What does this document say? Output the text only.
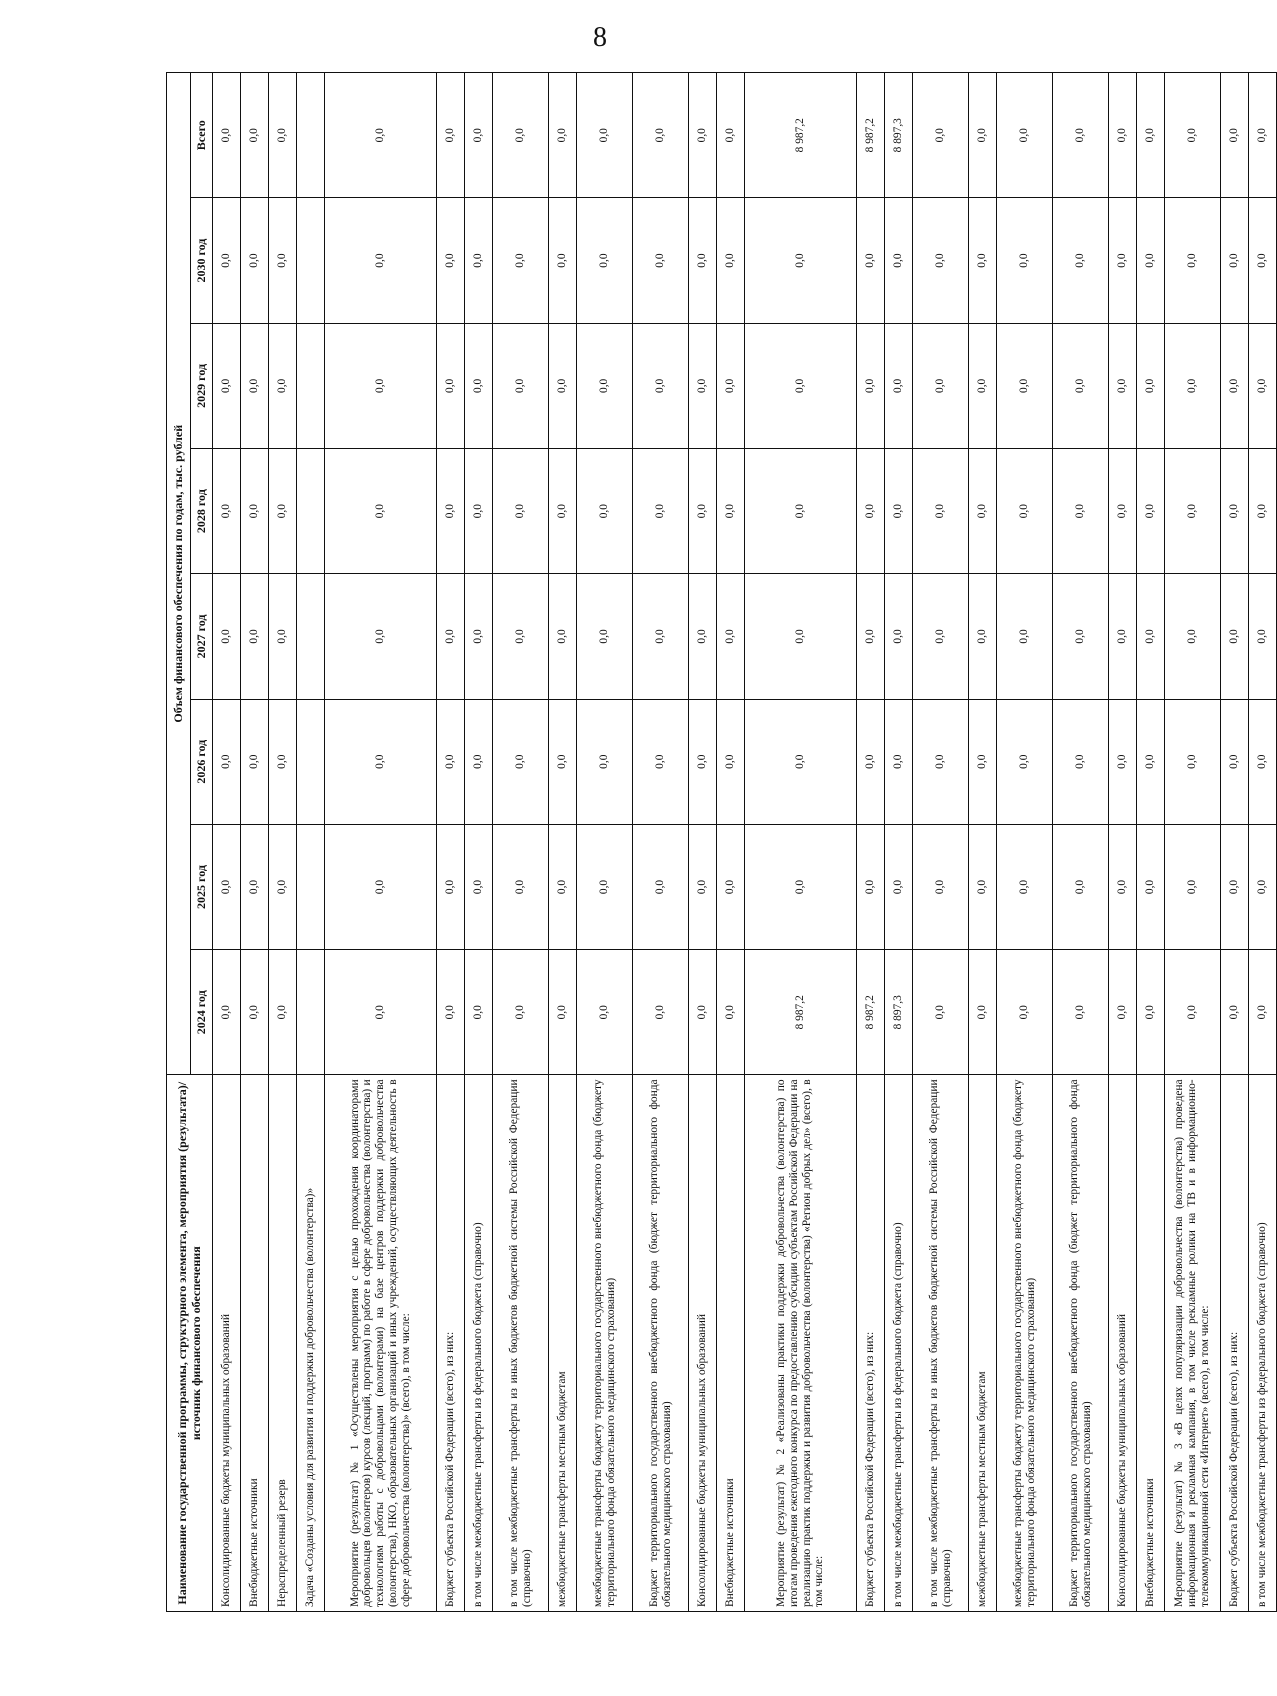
8
Наименование государственной программы, структурного элемента, мероприятия (результата)/источник финансового обеспечения	Объем финансового обеспечения по годам, тыс. рублей							
	2024 год	2025 год	2026 год	2027 год	2028 год	2029 год	2030 год	Всего
Консолидированные бюджеты муниципальных образований	0,0	0,0	0,0	0,0	0,0	0,0	0,0	0,0
Внебюджетные источники	0,0	0,0	0,0	0,0	0,0	0,0	0,0	0,0
Нераспределенный резерв	0,0	0,0	0,0	0,0	0,0	0,0	0,0	0,0
Задача «Созданы условия для развития и поддержки добровольчества (волонтерства)»								
Мероприятие (результат) № 1 «Осуществлены мероприятия с целью прохождения координаторами добровольцев (волонтеров) курсов (лекций, программ) по работе в сфере добровольчества (волонтерства) и технологиям работы с добровольцами (волонтерами) на базе центров поддержки добровольчества (волонтерства), НКО, образовательных организаций и иных учреждений, осуществляющих деятельность в сфере добровольчества (волонтерства)» (всего), в том числе:	0,0	0,0	0,0	0,0	0,0	0,0	0,0	0,0
Бюджет субъекта Российской Федерации (всего), из них:	0,0	0,0	0,0	0,0	0,0	0,0	0,0	0,0
в том числе межбюджетные трансферты из федерального бюджета (справочно)	0,0	0,0	0,0	0,0	0,0	0,0	0,0	0,0
в том числе межбюджетные трансферты из иных бюджетов бюджетной системы Российской Федерации (справочно)	0,0	0,0	0,0	0,0	0,0	0,0	0,0	0,0
межбюджетные трансферты местным бюджетам	0,0	0,0	0,0	0,0	0,0	0,0	0,0	0,0
межбюджетные трансферты бюджету территориального государственного внебюджетного фонда (бюджету территориального фонда обязательного медицинского страхования)	0,0	0,0	0,0	0,0	0,0	0,0	0,0	0,0
Бюджет территориального государственного внебюджетного фонда (бюджет территориального фонда обязательного медицинского страхования)	0,0	0,0	0,0	0,0	0,0	0,0	0,0	0,0
Консолидированные бюджеты муниципальных образований	0,0	0,0	0,0	0,0	0,0	0,0	0,0	0,0
Внебюджетные источники	0,0	0,0	0,0	0,0	0,0	0,0	0,0	0,0
Мероприятие (результат) № 2 «Реализованы практики поддержки добровольчества (волонтерства) по итогам проведения ежегодного конкурса по предоставлению субсидии субъектам Российской Федерации на реализацию практик поддержки и развития добровольчества (волонтерства) «Регион добрых дел» (всего), в том числе:	8 987,2	0,0	0,0	0,0	0,0	0,0	0,0	8 987,2
Бюджет субъекта Российской Федерации (всего), из них:	8 987,2	0,0	0,0	0,0	0,0	0,0	0,0	8 987,2
в том числе межбюджетные трансферты из федерального бюджета (справочно)	8 897,3	0,0	0,0	0,0	0,0	0,0	0,0	8 897,3
в том числе межбюджетные трансферты из иных бюджетов бюджетной системы Российской Федерации (справочно)	0,0	0,0	0,0	0,0	0,0	0,0	0,0	0,0
межбюджетные трансферты местным бюджетам	0,0	0,0	0,0	0,0	0,0	0,0	0,0	0,0
межбюджетные трансферты бюджету территориального государственного внебюджетного фонда (бюджету территориального фонда обязательного медицинского страхования)	0,0	0,0	0,0	0,0	0,0	0,0	0,0	0,0
Бюджет территориального государственного внебюджетного фонда (бюджет территориального фонда обязательного медицинского страхования)	0,0	0,0	0,0	0,0	0,0	0,0	0,0	0,0
Консолидированные бюджеты муниципальных образований	0,0	0,0	0,0	0,0	0,0	0,0	0,0	0,0
Внебюджетные источники	0,0	0,0	0,0	0,0	0,0	0,0	0,0	0,0
Мероприятие (результат) № 3 «В целях популяризации добровольчества (волонтерства) проведена информационная и рекламная кампания, в том числе рекламные ролики на ТВ и в информационно-телекоммуникационной сети «Интернет» (всего), в том числе:	0,0	0,0	0,0	0,0	0,0	0,0	0,0	0,0
Бюджет субъекта Российской Федерации (всего), из них:	0,0	0,0	0,0	0,0	0,0	0,0	0,0	0,0
в том числе межбюджетные трансферты из федерального бюджета (справочно)	0,0	0,0	0,0	0,0	0,0	0,0	0,0	0,0
